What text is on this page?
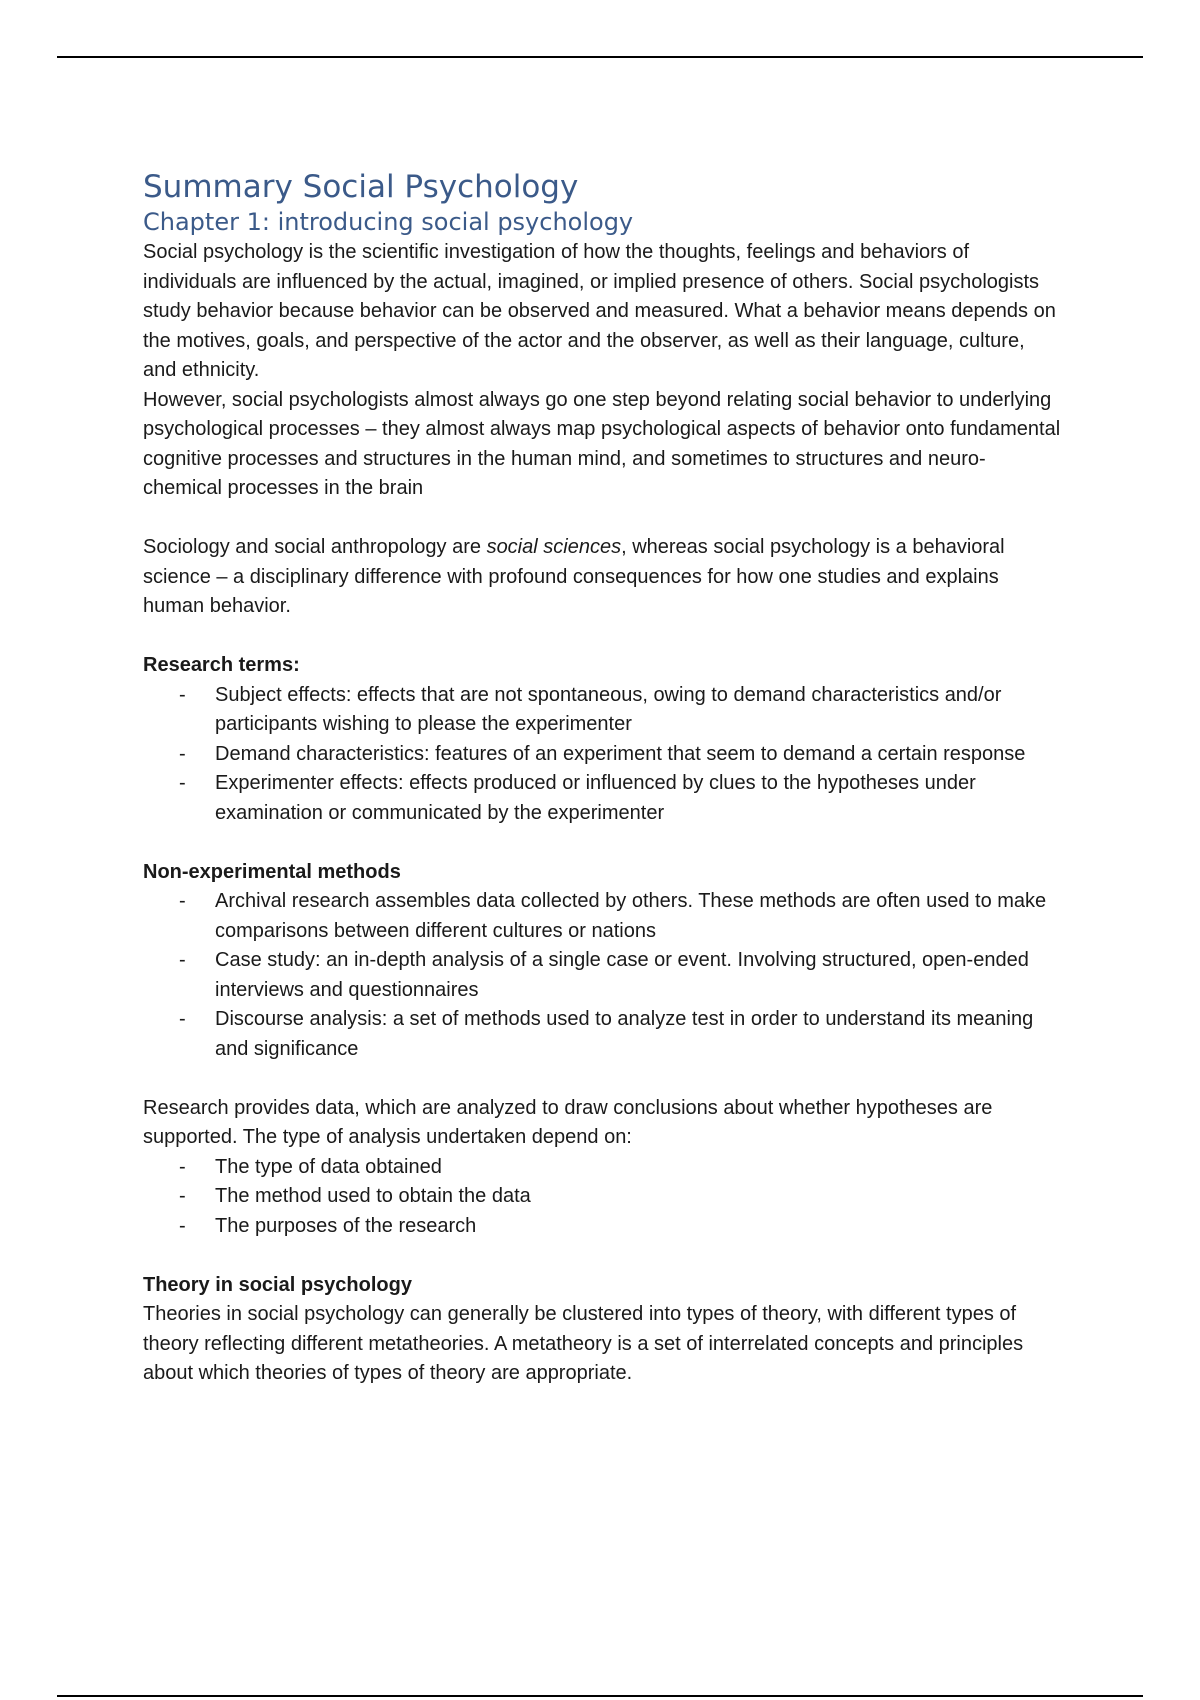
Summary Social Psychology
Chapter 1: introducing social psychology

Social psychology is the scientific investigation of how the thoughts, feelings and behaviors of individuals are influenced by the actual, imagined, or implied presence of others. Social psychologists study behavior because behavior can be observed and measured. What a behavior means depends on the motives, goals, and perspective of the actor and the observer, as well as their language, culture, and ethnicity.

However, social psychologists almost always go one step beyond relating social behavior to underlying psychological processes – they almost always map psychological aspects of behavior onto fundamental cognitive processes and structures in the human mind, and sometimes to structures and neuro-chemical processes in the brain

Sociology and social anthropology are social sciences, whereas social psychology is a behavioral science – a disciplinary difference with profound consequences for how one studies and explains human behavior.

Research terms:

- Subject effects: effects that are not spontaneous, owing to demand characteristics and/or participants wishing to please the experimenter
- Demand characteristics: features of an experiment that seem to demand a certain response
- Experimenter effects: effects produced or influenced by clues to the hypotheses under examination or communicated by the experimenter

Non-experimental methods

- Archival research assembles data collected by others. These methods are often used to make comparisons between different cultures or nations
- Case study: an in-depth analysis of a single case or event. Involving structured, open-ended interviews and questionnaires
- Discourse analysis: a set of methods used to analyze test in order to understand its meaning and significance

Research provides data, which are analyzed to draw conclusions about whether hypotheses are supported. The type of analysis undertaken depend on:

- The type of data obtained
- The method used to obtain the data
- The purposes of the research

Theory in social psychology

Theories in social psychology can generally be clustered into types of theory, with different types of theory reflecting different metatheories. A metatheory is a set of interrelated concepts and principles about which theories of types of theory are appropriate.
